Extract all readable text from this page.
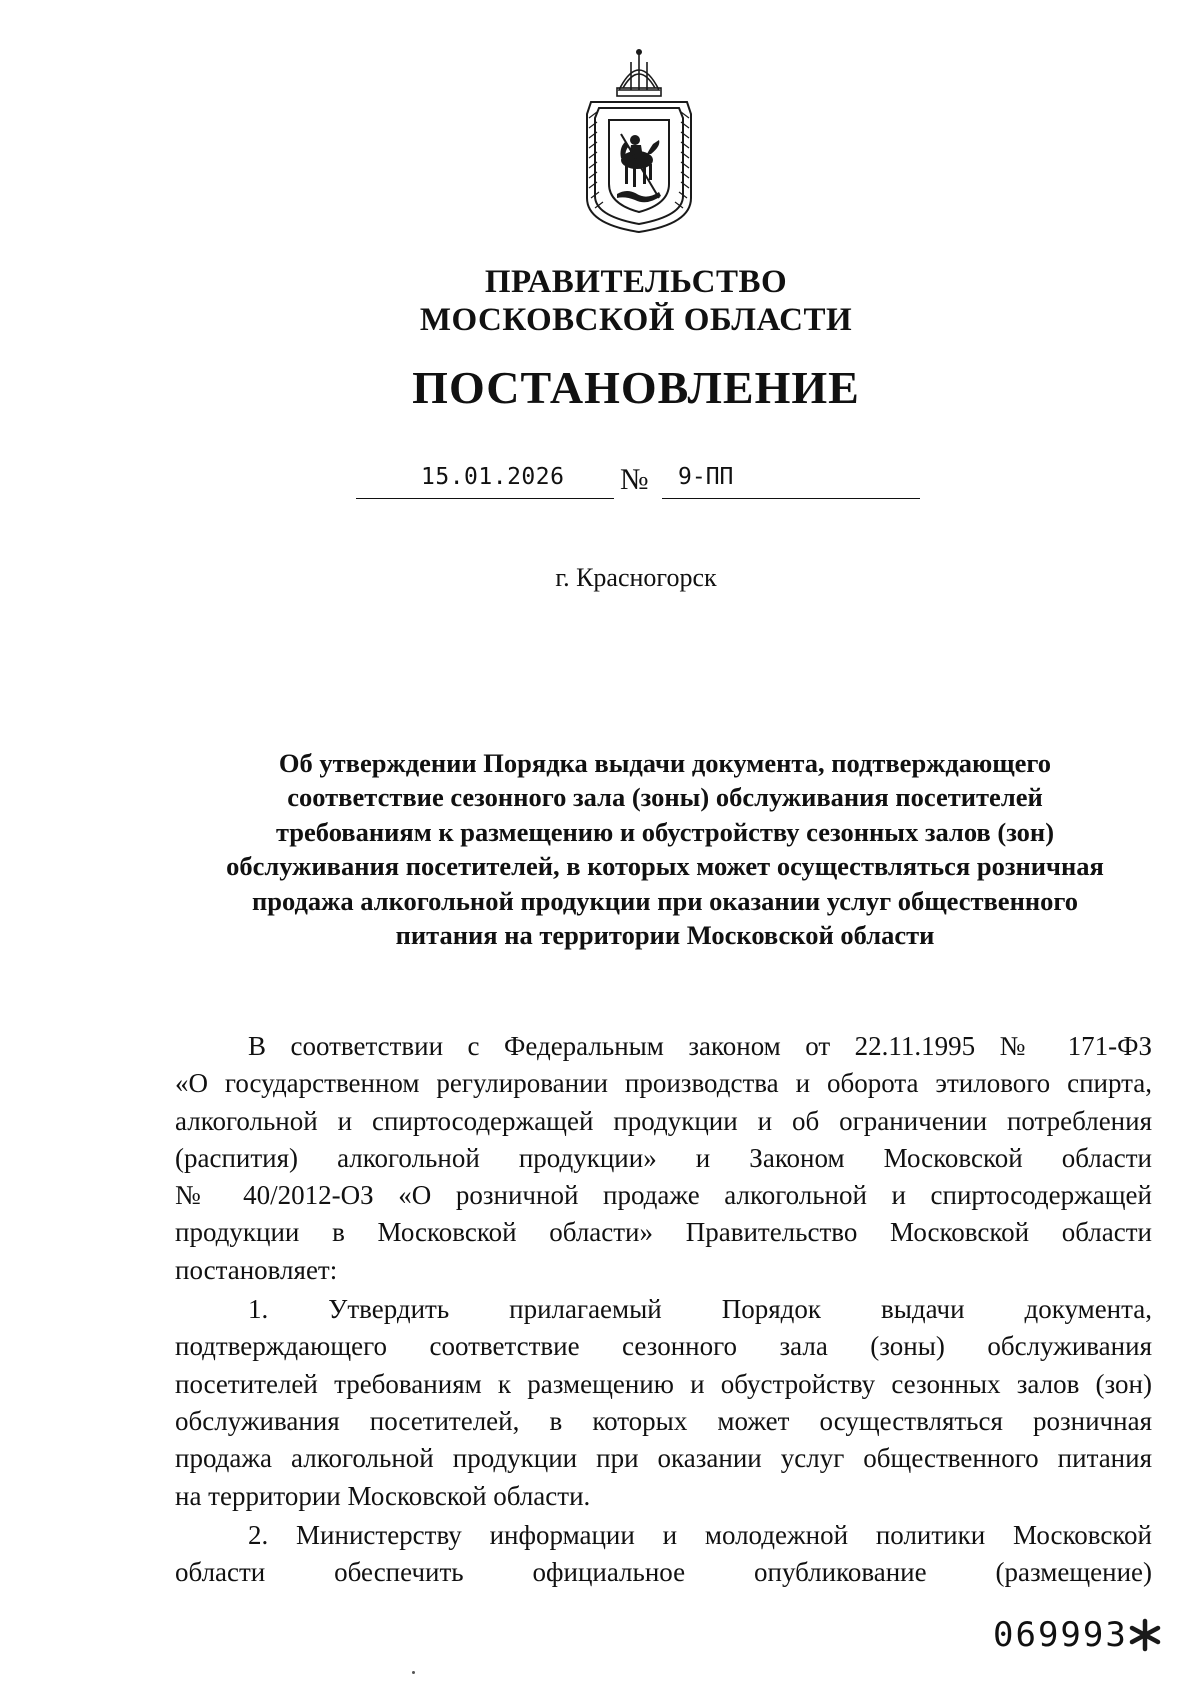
ПРАВИТЕЛЬСТВО
МОСКОВСКОЙ ОБЛАСТИ
ПОСТАНОВЛЕНИЕ
15.01.2026 № 9-ПП
г. Красногорск
Об утверждении Порядка выдачи документа, подтверждающего
соответствие сезонного зала (зоны) обслуживания посетителей
требованиям к размещению и обустройству сезонных залов (зон)
обслуживания посетителей, в которых может осуществляться розничная
продажа алкогольной продукции при оказании услуг общественного
питания на территории Московской области
В соответствии с Федеральным законом от 22.11.1995 № 171-ФЗ
«О государственном регулировании производства и оборота этилового спирта,
алкогольной и спиртосодержащей продукции и об ограничении потребления
(распития) алкогольной продукции» и Законом Московской области
№ 40/2012-ОЗ «О розничной продаже алкогольной и спиртосодержащей
продукции в Московской области» Правительство Московской области
постановляет:
1. Утвердить прилагаемый Порядок выдачи документа,
подтверждающего соответствие сезонного зала (зоны) обслуживания
посетителей требованиям к размещению и обустройству сезонных залов (зон)
обслуживания посетителей, в которых может осуществляться розничная
продажа алкогольной продукции при оказании услуг общественного питания
на территории Московской области.
2. Министерству информации и молодежной политики Московской
области обеспечить официальное опубликование (размещение)
069993
